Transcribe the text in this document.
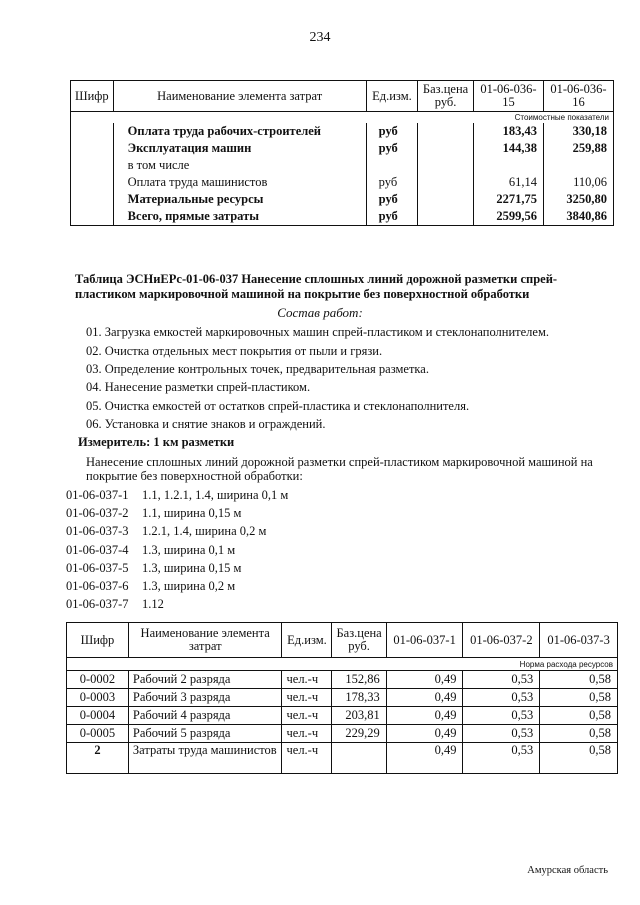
234
Шифр	Наименование элемента затрат	Ед.изм.	Баз.цена руб.	01-06-036-15	01-06-036-16
Стоимостные показатели					
	Оплата труда рабочих-строителей	руб		183,43	330,18
	Эксплуатация машин	руб		144,38	259,88
	в том числе				
	Оплата труда машинистов	руб		61,14	110,06
	Материальные ресурсы	руб		2271,75	3250,80
	Всего, прямые затраты	руб		2599,56	3840,86
Таблица ЭСНиЕРс-01-06-037 Нанесение сплошных линий дорожной разметки спрей-
пластиком маркировочной машиной на покрытие без поверхностной обработки
Состав работ:
01. Загрузка емкостей маркировочных машин спрей-пластиком и стеклонаполнителем.
02. Очистка отдельных мест покрытия от пыли и грязи.
03. Определение контрольных точек, предварительная разметка.
04. Нанесение разметки спрей-пластиком.
05. Очистка емкостей от остатков спрей-пластика и стеклонаполнителя.
06. Установка и снятие знаков и ограждений.
Измеритель: 1 км разметки
Нанесение сплошных линий дорожной разметки спрей-пластиком маркировочной машиной на
покрытие без поверхностной обработки:
01-06-037-1 1.1, 1.2.1, 1.4, ширина 0,1 м
01-06-037-2 1.1, ширина 0,15 м
01-06-037-3 1.2.1, 1.4, ширина 0,2 м
01-06-037-4 1.3, ширина 0,1 м
01-06-037-5 1.3, ширина 0,15 м
01-06-037-6 1.3, ширина 0,2 м
01-06-037-7 1.12
Шифр	Наименование элемента затрат	Ед.изм.	Баз.цена руб.	01-06-037-1	01-06-037-2	01-06-037-3
Норма расхода ресурсов						
0-0002	Рабочий 2 разряда	чел.-ч	152,86	0,49	0,53	0,58
0-0003	Рабочий 3 разряда	чел.-ч	178,33	0,49	0,53	0,58
0-0004	Рабочий 4 разряда	чел.-ч	203,81	0,49	0,53	0,58
0-0005	Рабочий 5 разряда	чел.-ч	229,29	0,49	0,53	0,58
2	Затраты труда машинистов	чел.-ч		0,49	0,53	0,58
Амурская область
